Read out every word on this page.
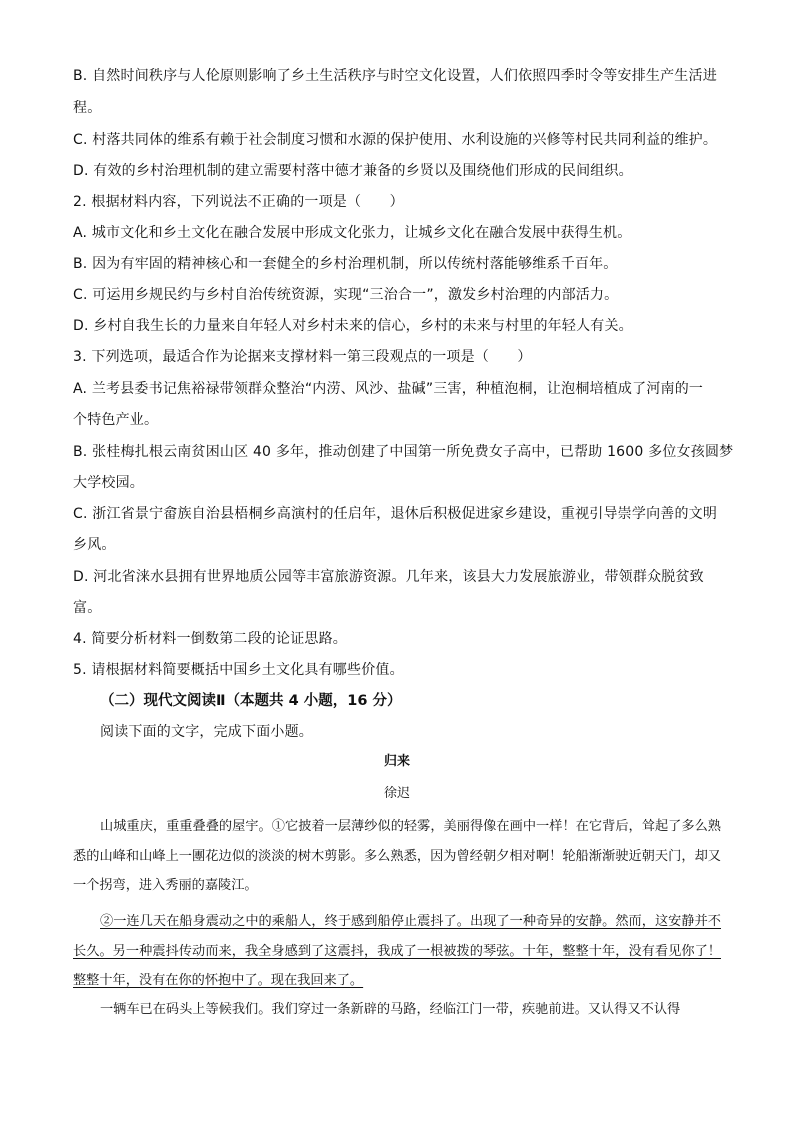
B. 自然时间秩序与人伦原则影响了乡土生活秩序与时空文化设置，人们依照四季时令等安排生产生活进
程。
C. 村落共同体的维系有赖于社会制度习惯和水源的保护使用、水利设施的兴修等村民共同利益的维护。
D. 有效的乡村治理机制的建立需要村落中德才兼备的乡贤以及围绕他们形成的民间组织。
2. 根据材料内容，下列说法不正确的一项是（　　）
A. 城市文化和乡土文化在融合发展中形成文化张力，让城乡文化在融合发展中获得生机。
B. 因为有牢固的精神核心和一套健全的乡村治理机制，所以传统村落能够维系千百年。
C. 可运用乡规民约与乡村自治传统资源，实现“三治合一”，激发乡村治理的内部活力。
D. 乡村自我生长的力量来自年轻人对乡村未来的信心，乡村的未来与村里的年轻人有关。
3. 下列选项，最适合作为论据来支撑材料一第三段观点的一项是（　　）
A. 兰考县委书记焦裕禄带领群众整治“内涝、风沙、盐碱”三害，种植泡桐，让泡桐培植成了河南的一
个特色产业。
B. 张桂梅扎根云南贫困山区 40 多年，推动创建了中国第一所免费女子高中，已帮助 1600 多位女孩圆梦
大学校园。
C. 浙江省景宁畲族自治县梧桐乡高演村的任启年，退休后积极促进家乡建设，重视引导崇学向善的文明
乡风。
D. 河北省涞水县拥有世界地质公园等丰富旅游资源。几年来，该县大力发展旅游业，带领群众脱贫致
富。
4. 简要分析材料一倒数第二段的论证思路。
5. 请根据材料简要概括中国乡土文化具有哪些价值。
（二）现代文阅读Ⅱ（本题共 4 小题，16 分）
阅读下面的文字，完成下面小题。
归来
徐迟

山城重庆，重重叠叠的屋宇。①它披着一层薄纱似的轻雾，美丽得像在画中一样！在它背后，耸起了多么熟悉的山峰和山峰上一團花边似的淡淡的树木剪影。多么熟悉，因为曾经朝夕相对啊！轮船渐渐驶近朝天门，却又一个拐弯，进入秀丽的嘉陵江。

②一连几天在船身震动之中的乘船人，终于感到船停止震抖了。出现了一种奇异的安静。然而，这安静并不长久。另一种震抖传动而来，我全身感到了这震抖，我成了一根被拨的琴弦。十年，整整十年，没有看见你了！整整十年，没有在你的怀抱中了。现在我回来了。

一辆车已在码头上等候我们。我们穿过一条新辟的马路，经临江门一带，疾驰前进。又认得又不认得
